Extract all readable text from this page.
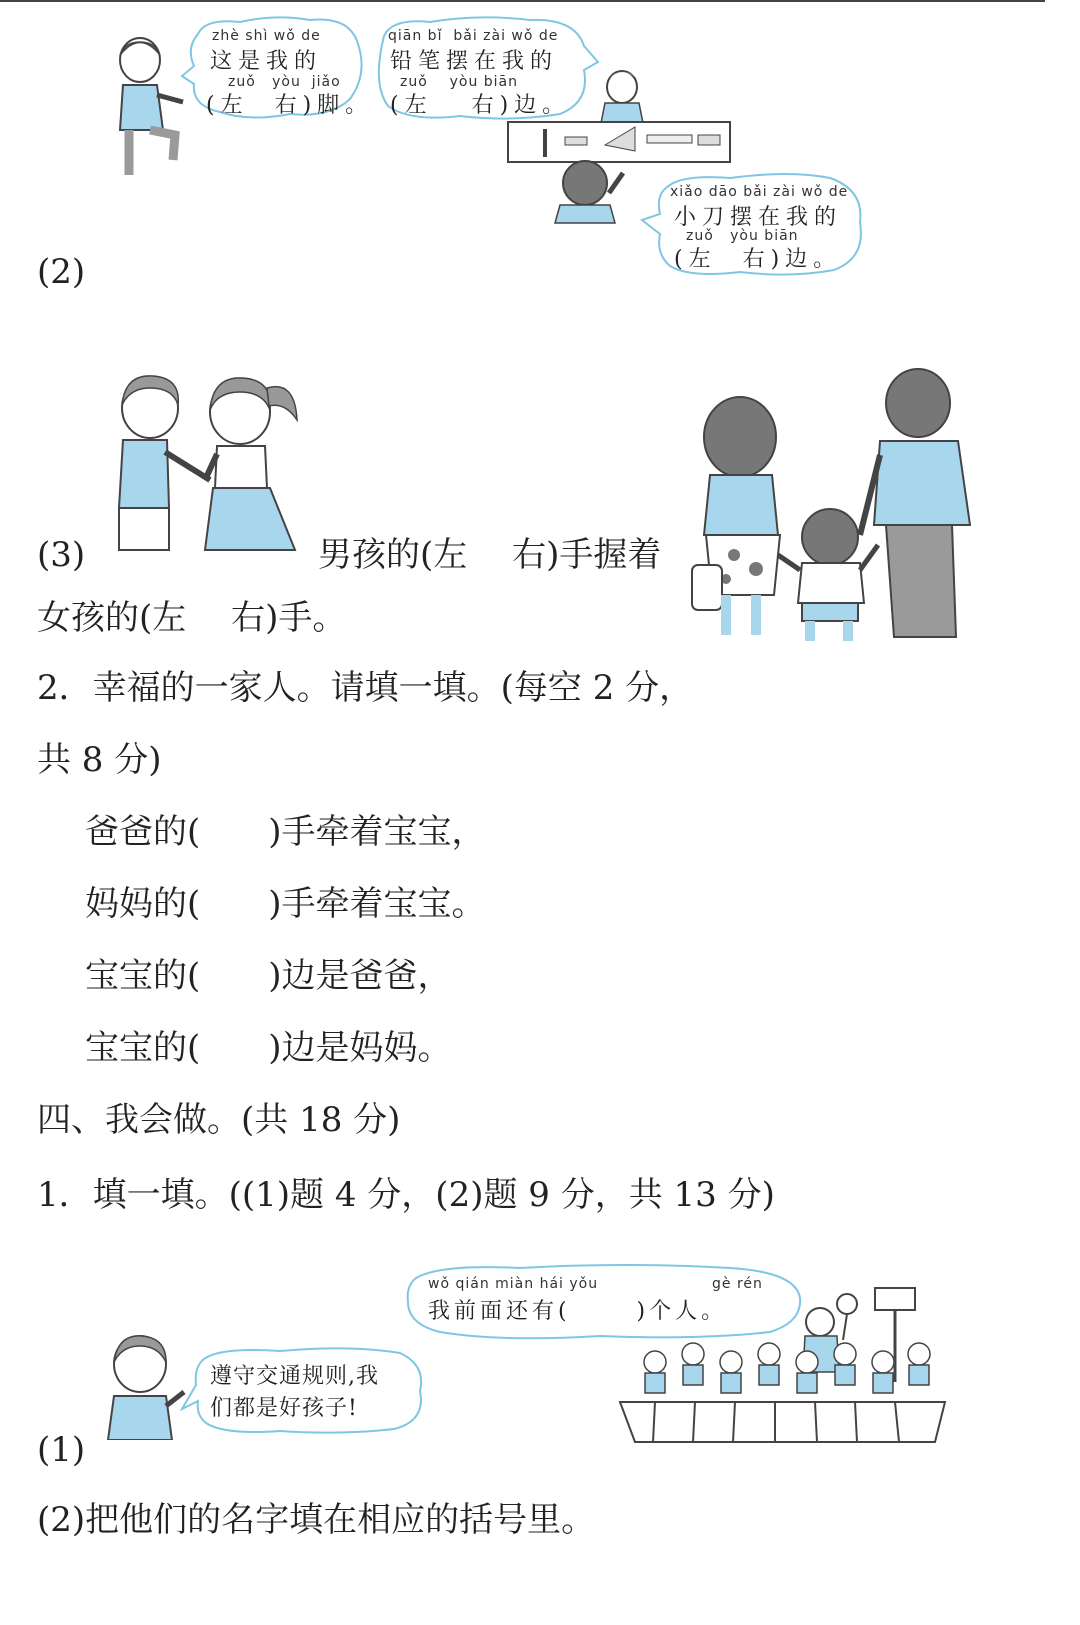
(2)
zhè shì wǒ de
这是我的
zuǒ   yòu  jiǎo
(左  右)脚。
qiān bǐ  bǎi zài wǒ de
铅笔摆在我的
zuǒ    yòu biān
(左   右)边。
xiǎo dāo bǎi zài wǒ de
小刀摆在我的
zuǒ   yòu biān
(左  右)边。
(3)	男孩的(左　 右)手握着
女孩的(左　 右)手。
2．幸福的一家人。请填一填。(每空 2 分，
共 8 分)
爸爸的(　　)手牵着宝宝，
妈妈的(　　)手牵着宝宝。
宝宝的(　　)边是爸爸，
宝宝的(　　)边是妈妈。
四、我会做。(共 18 分)
1．填一填。((1)题 4 分，(2)题 9 分，共 13 分)
遵守交通规则,我
们都是好孩子!
(1)
wǒ qián miàn hái yǒu	gè rén
我前面还有(      )个人。
(2)把他们的名字填在相应的括号里。
